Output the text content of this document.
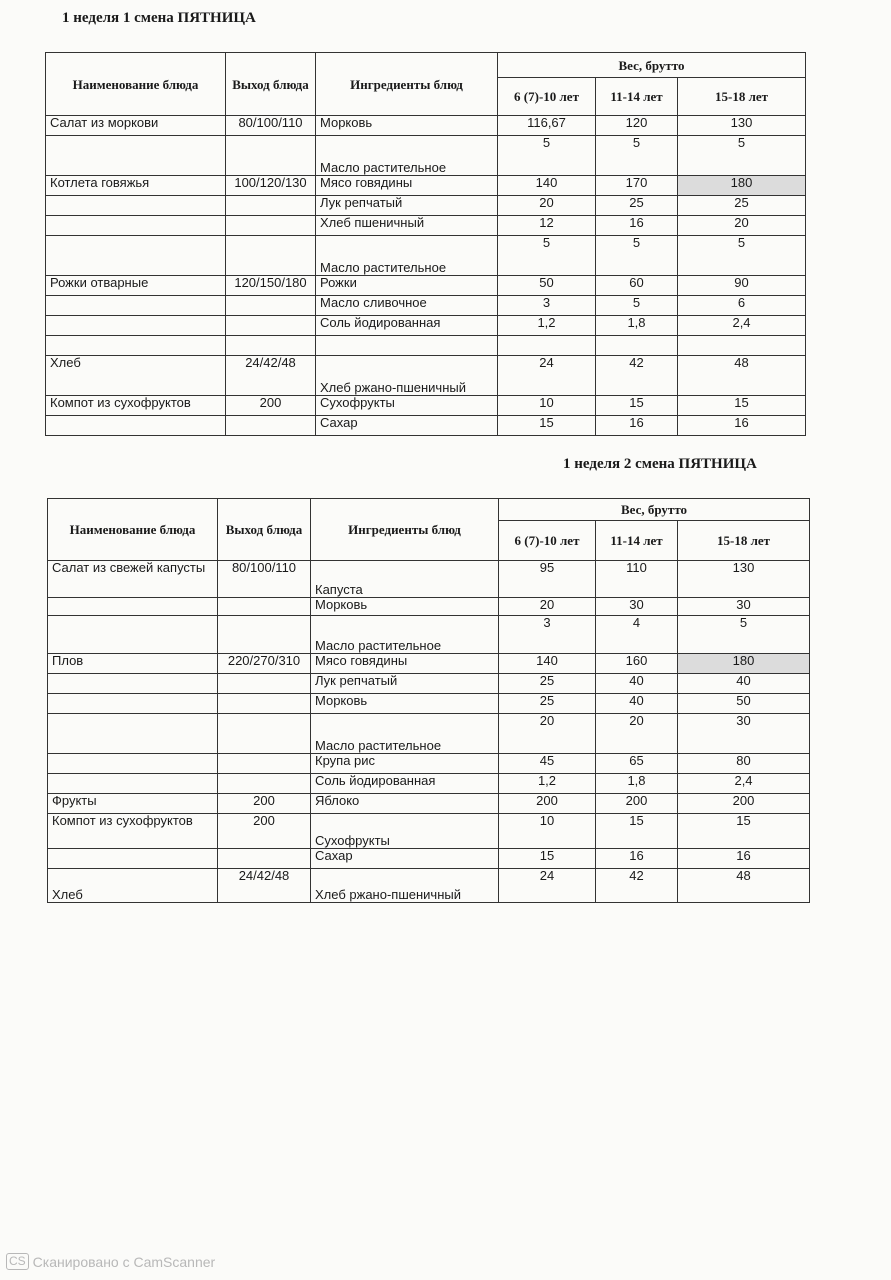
1 неделя 1 смена ПЯТНИЦА
Наименование блюда	Выход блюда	Ингредиенты блюд	Вес, брутто		
			6 (7)-10 лет	11-14 лет	15-18 лет
Салат из моркови	80/100/110	Морковь	116,67	120	130
		Масло растительное	5	5	5
Котлета говяжья	100/120/130	Мясо говядины	140	170	180
		Лук репчатый	20	25	25
		Хлеб пшеничный	12	16	20
		Масло растительное	5	5	5
Рожки отварные	120/150/180	Рожки	50	60	90
		Масло сливочное	3	5	6
		Соль йодированная	1,2	1,8	2,4

Хлеб	24/42/48	Хлеб ржано-пшеничный	24	42	48
Компот из сухофруктов	200	Сухофрукты	10	15	15
		Сахар	15	16	16
1 неделя 2 смена ПЯТНИЦА
Наименование блюда	Выход блюда	Ингредиенты блюд	Вес, брутто		
			6 (7)-10 лет	11-14 лет	15-18 лет
Салат из свежей капусты	80/100/110	Капуста	95	110	130
		Морковь	20	30	30
		Масло растительное	3	4	5
Плов	220/270/310	Мясо говядины	140	160	180
		Лук репчатый	25	40	40
		Морковь	25	40	50
		Масло растительное	20	20	30
		Крупа рис	45	65	80
		Соль йодированная	1,2	1,8	2,4
Фрукты	200	Яблоко	200	200	200
Компот из сухофруктов	200	Сухофрукты	10	15	15
		Сахар	15	16	16
Хлеб	24/42/48	Хлеб ржано-пшеничный	24	42	48
CS Сканировано с CamScanner
